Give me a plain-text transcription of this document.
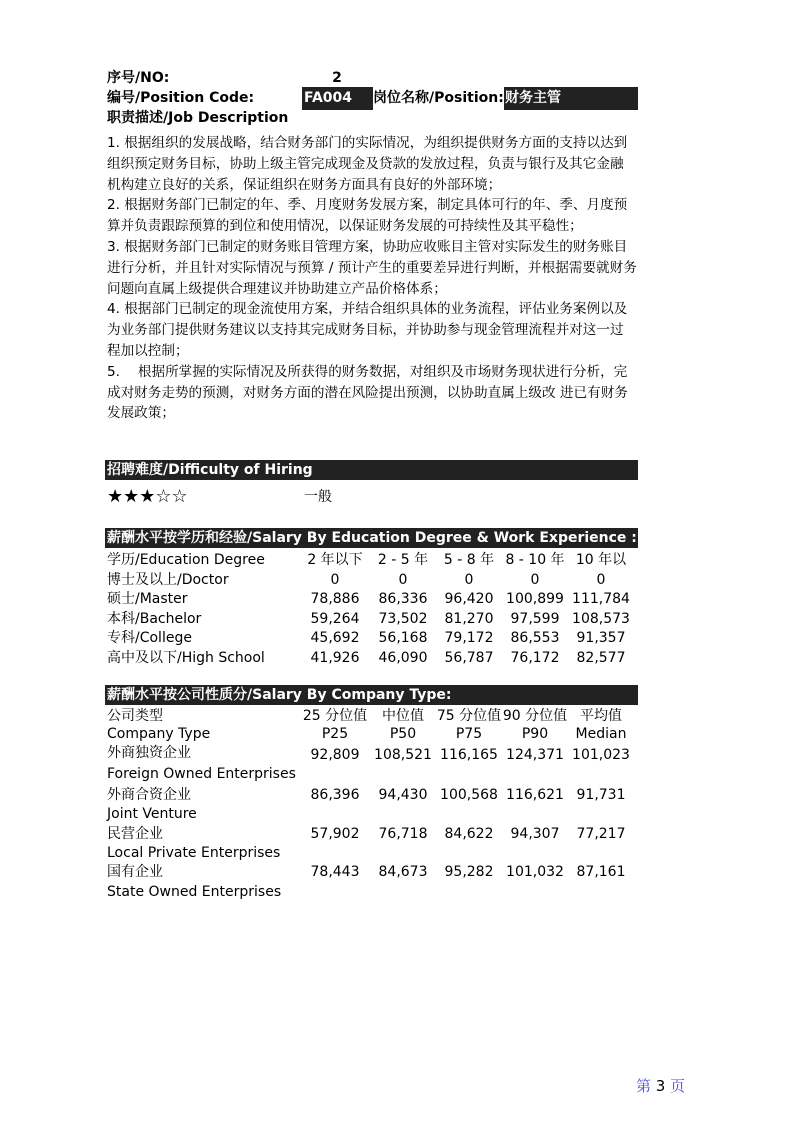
序号/NO:	2
编号/Position Code:	FA004	岗位名称/Position: 财务主管
职责描述/Job Description

1. 根据组织的发展战略，结合财务部门的实际情况，为组织提供财务方面的支持以达到组织预定财务目标，协助上级主管完成现金及贷款的发放过程，负责与银行及其它金融机构建立良好的关系，保证组织在财务方面具有良好的外部环境；

2. 根据财务部门已制定的年、季、月度财务发展方案，制定具体可行的年、季、月度预算并负责跟踪预算的到位和使用情况，以保证财务发展的可持续性及其平稳性；

3. 根据财务部门已制定的财务账目管理方案，协助应收账目主管对实际发生的财务账目进行分析，并且针对实际情况与预算 / 预计产生的重要差异进行判断，并根据需要就财务问题向直属上级提供合理建议并协助建立产品价格体系；

4. 根据部门已制定的现金流使用方案，并结合组织具体的业务流程，评估业务案例以及为业务部门提供财务建议以支持其完成财务目标，并协助参与现金管理流程并对这一过程加以控制；

5.　 根据所掌握的实际情况及所获得的财务数据，对组织及市场财务现状进行分析，完成对财务走势的预测，对财务方面的潜在风险提出预测，以协助直属上级改 进已有财务发展政策；

招聘难度/Difficulty of Hiring
★★★☆☆	一般
薪酬水平按学历和经验/Salary By Education Degree & Work Experience :
学历/Education Degree	2 年以下	2 - 5 年	5 - 8 年 8 - 10 年 10 年以
博士及以上/Doctor	0	0	0	0	0
硕士/Master	78,886	86,336	96,420 100,899 111,784
本科/Bachelor	59,264	73,502	81,270	97,599 108,573
专科/College	45,692	56,168	79,172	86,553	91,357
高中及以下/High School	41,926	46,090	56,787	76,172	82,577
薪酬水平按公司性质分/Salary By Company Type:
公司类型	25 分位值	中位值 75 分位值 90 分位值 平均值
Company Type	P25	P50	P75	P90	Median
外商独资企业	92,809	108,521 116,165 124,371 101,023
Foreign Owned Enterprises
外商合资企业	86,396	94,430 100,568 116,621 91,731
Joint Venture
民营企业	57,902	76,718	84,622	94,307	77,217
Local Private Enterprises
国有企业	78,443	84,673	95,282 101,032 87,161
State Owned Enterprises
第 3 页
